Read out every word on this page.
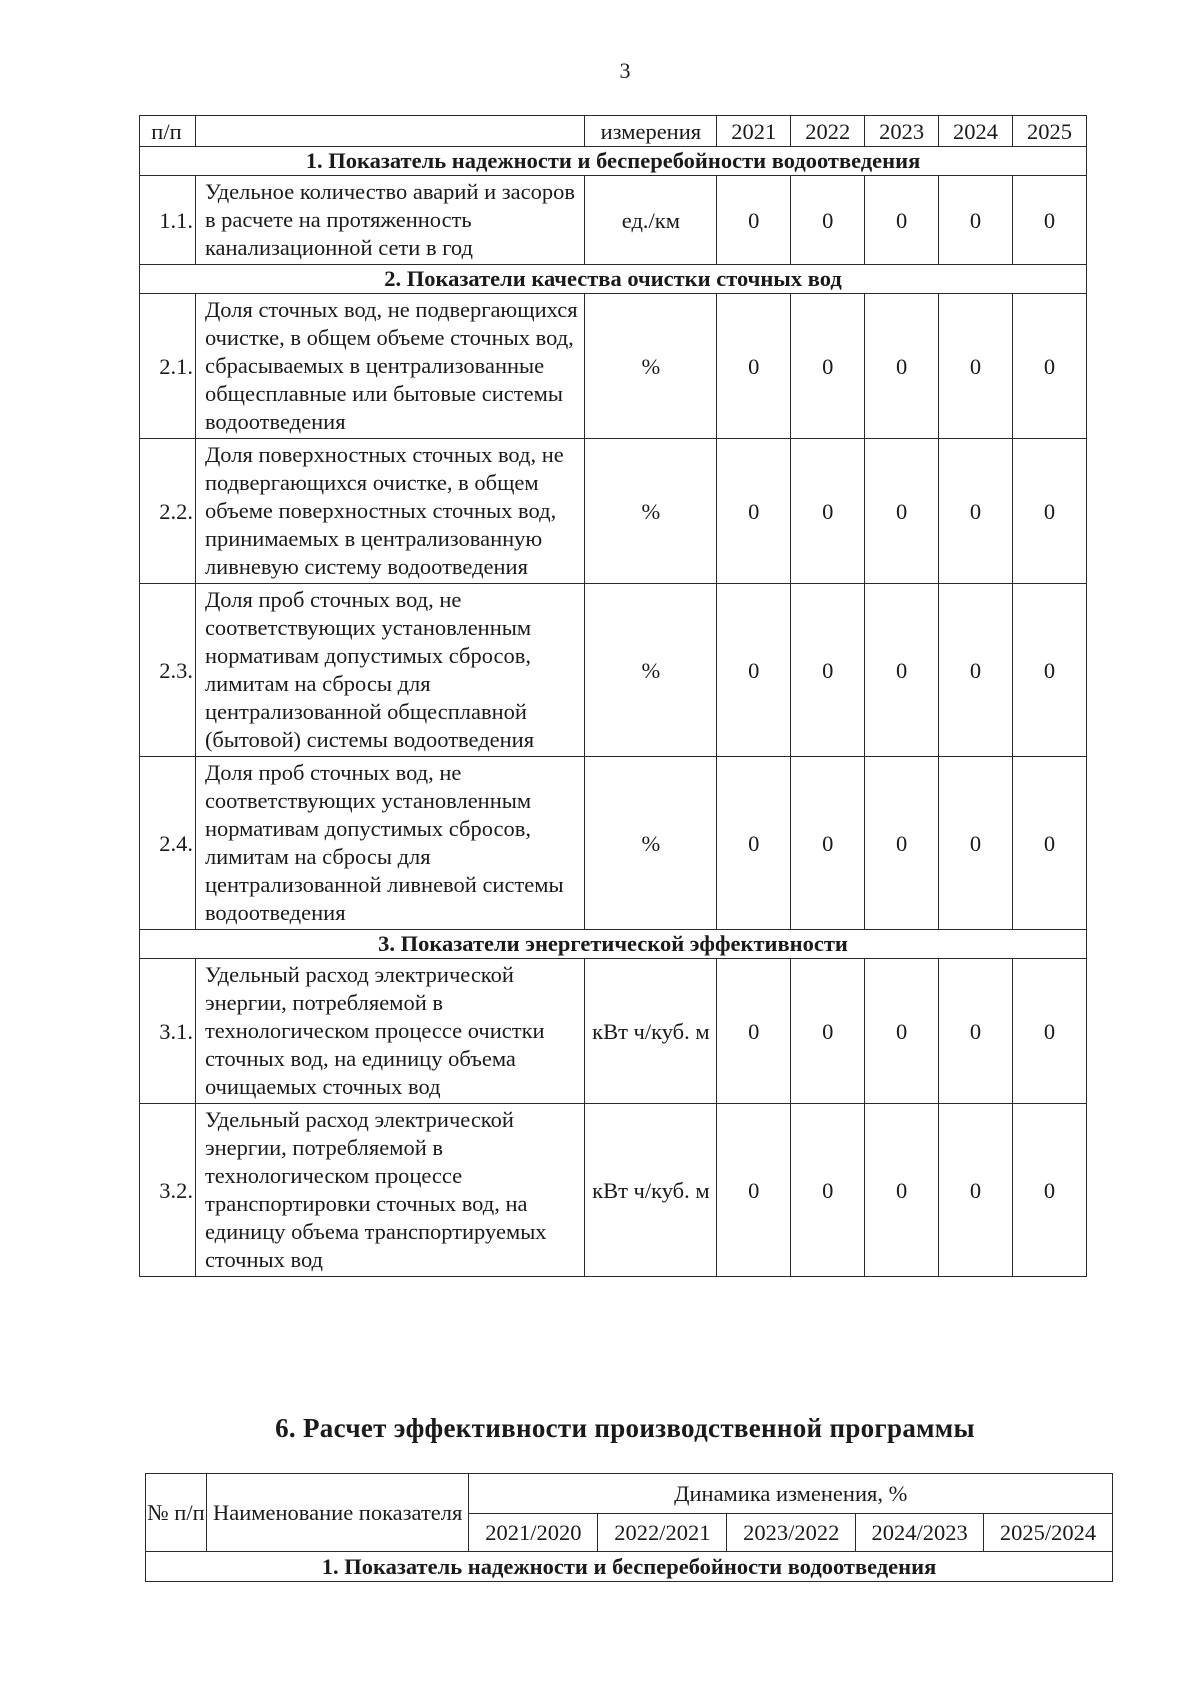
3
п/п		измерения	2021	2022	2023	2024	2025
1. Показатель надежности и бесперебойности водоотведения							
1.1.	Удельное количество аварий и засоров в расчете на протяженность канализационной сети в год	ед./км	0	0	0	0	0
2. Показатели качества очистки сточных вод							
2.1.	Доля сточных вод, не подвергающихся очистке, в общем объеме сточных вод, сбрасываемых в централизованные общесплавные или бытовые системы водоотведения	%	0	0	0	0	0
2.2.	Доля поверхностных сточных вод, не подвергающихся очистке, в общем объеме поверхностных сточных вод, принимаемых в централизованную ливневую систему водоотведения	%	0	0	0	0	0
2.3.	Доля проб сточных вод, не соответствующих установленным нормативам допустимых сбросов, лимитам на сбросы для централизованной общесплавной (бытовой) системы водоотведения	%	0	0	0	0	0
2.4.	Доля проб сточных вод, не соответствующих установленным нормативам допустимых сбросов, лимитам на сбросы для централизованной ливневой системы водоотведения	%	0	0	0	0	0
3. Показатели энергетической эффективности							
3.1.	Удельный расход электрической энергии, потребляемой в технологическом процессе очистки сточных вод, на единицу объема очищаемых сточных вод	кВт ч/куб. м	0	0	0	0	0
3.2.	Удельный расход электрической энергии, потребляемой в технологическом процессе транспортировки сточных вод, на единицу объема транспортируемых сточных вод	кВт ч/куб. м	0	0	0	0	0
6. Расчет эффективности производственной программы
№ п/п	Наименование показателя	Динамика изменения, %				
		2021/2020	2022/2021	2023/2022	2024/2023	2025/2024
1. Показатель надежности и бесперебойности водоотведения						
